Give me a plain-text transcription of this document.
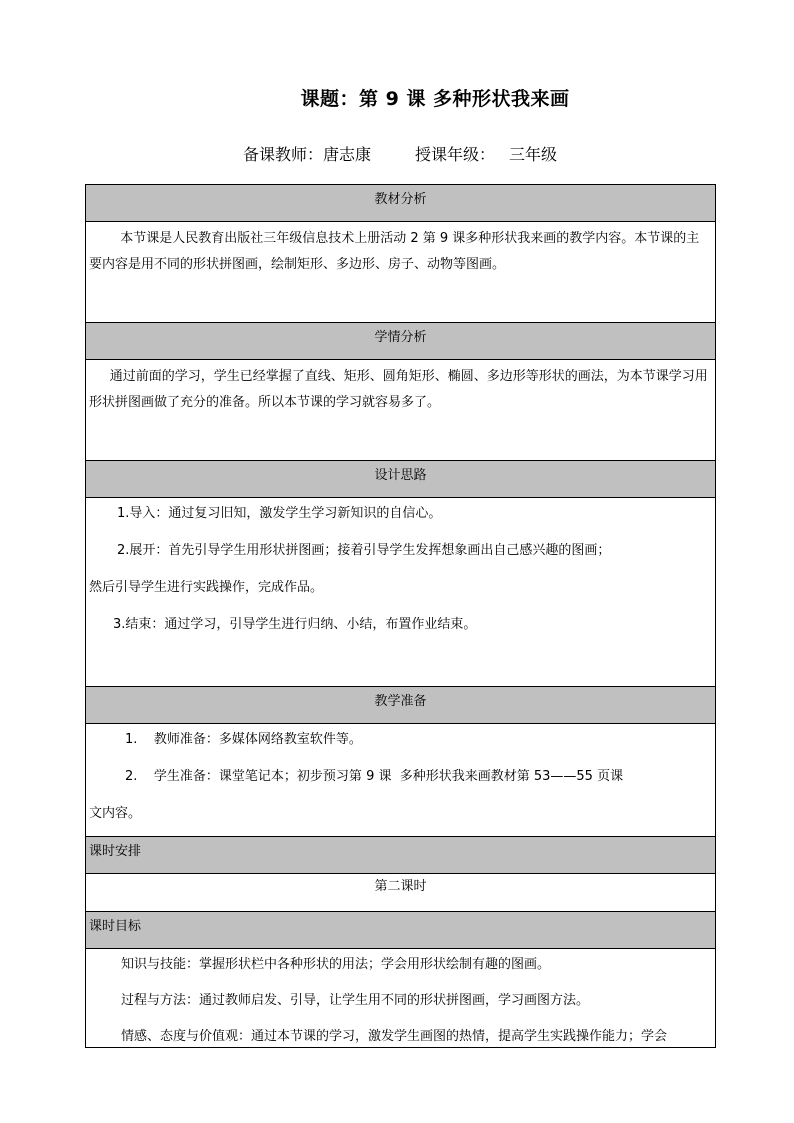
课题：第 9 课 多种形状我来画
备课教师：唐志康	授课年级： 三年级
教材分析
本节课是人民教育出版社三年级信息技术上册活动 2 第 9 课多种形状我来画的教学内容。本节课的主要内容是用不同的形状拼图画，绘制矩形、多边形、房子、动物等图画。
学情分析
通过前面的学习，学生已经掌握了直线、矩形、圆角矩形、椭圆、多边形等形状的画法，为本节课学习用形状拼图画做了充分的准备。所以本节课的学习就容易多了。
设计思路
1.导入：通过复习旧知，激发学生学习新知识的自信心。
2.展开：首先引导学生用形状拼图画；接着引导学生发挥想象画出自己感兴趣的图画；
然后引导学生进行实践操作，完成作品。
3.结束：通过学习，引导学生进行归纳、小结，布置作业结束。
教学准备
1.    教师准备：多媒体网络教室软件等。
2.    学生准备：课堂笔记本；初步预习第 9 课  多种形状我来画教材第 53——55 页课
文内容。
课时安排
第二课时
课时目标
知识与技能：掌握形状栏中各种形状的用法；学会用形状绘制有趣的图画。
过程与方法：通过教师启发、引导，让学生用不同的形状拼图画，学习画图方法。
情感、态度与价值观：通过本节课的学习，激发学生画图的热情，提高学生实践操作能力；学会
